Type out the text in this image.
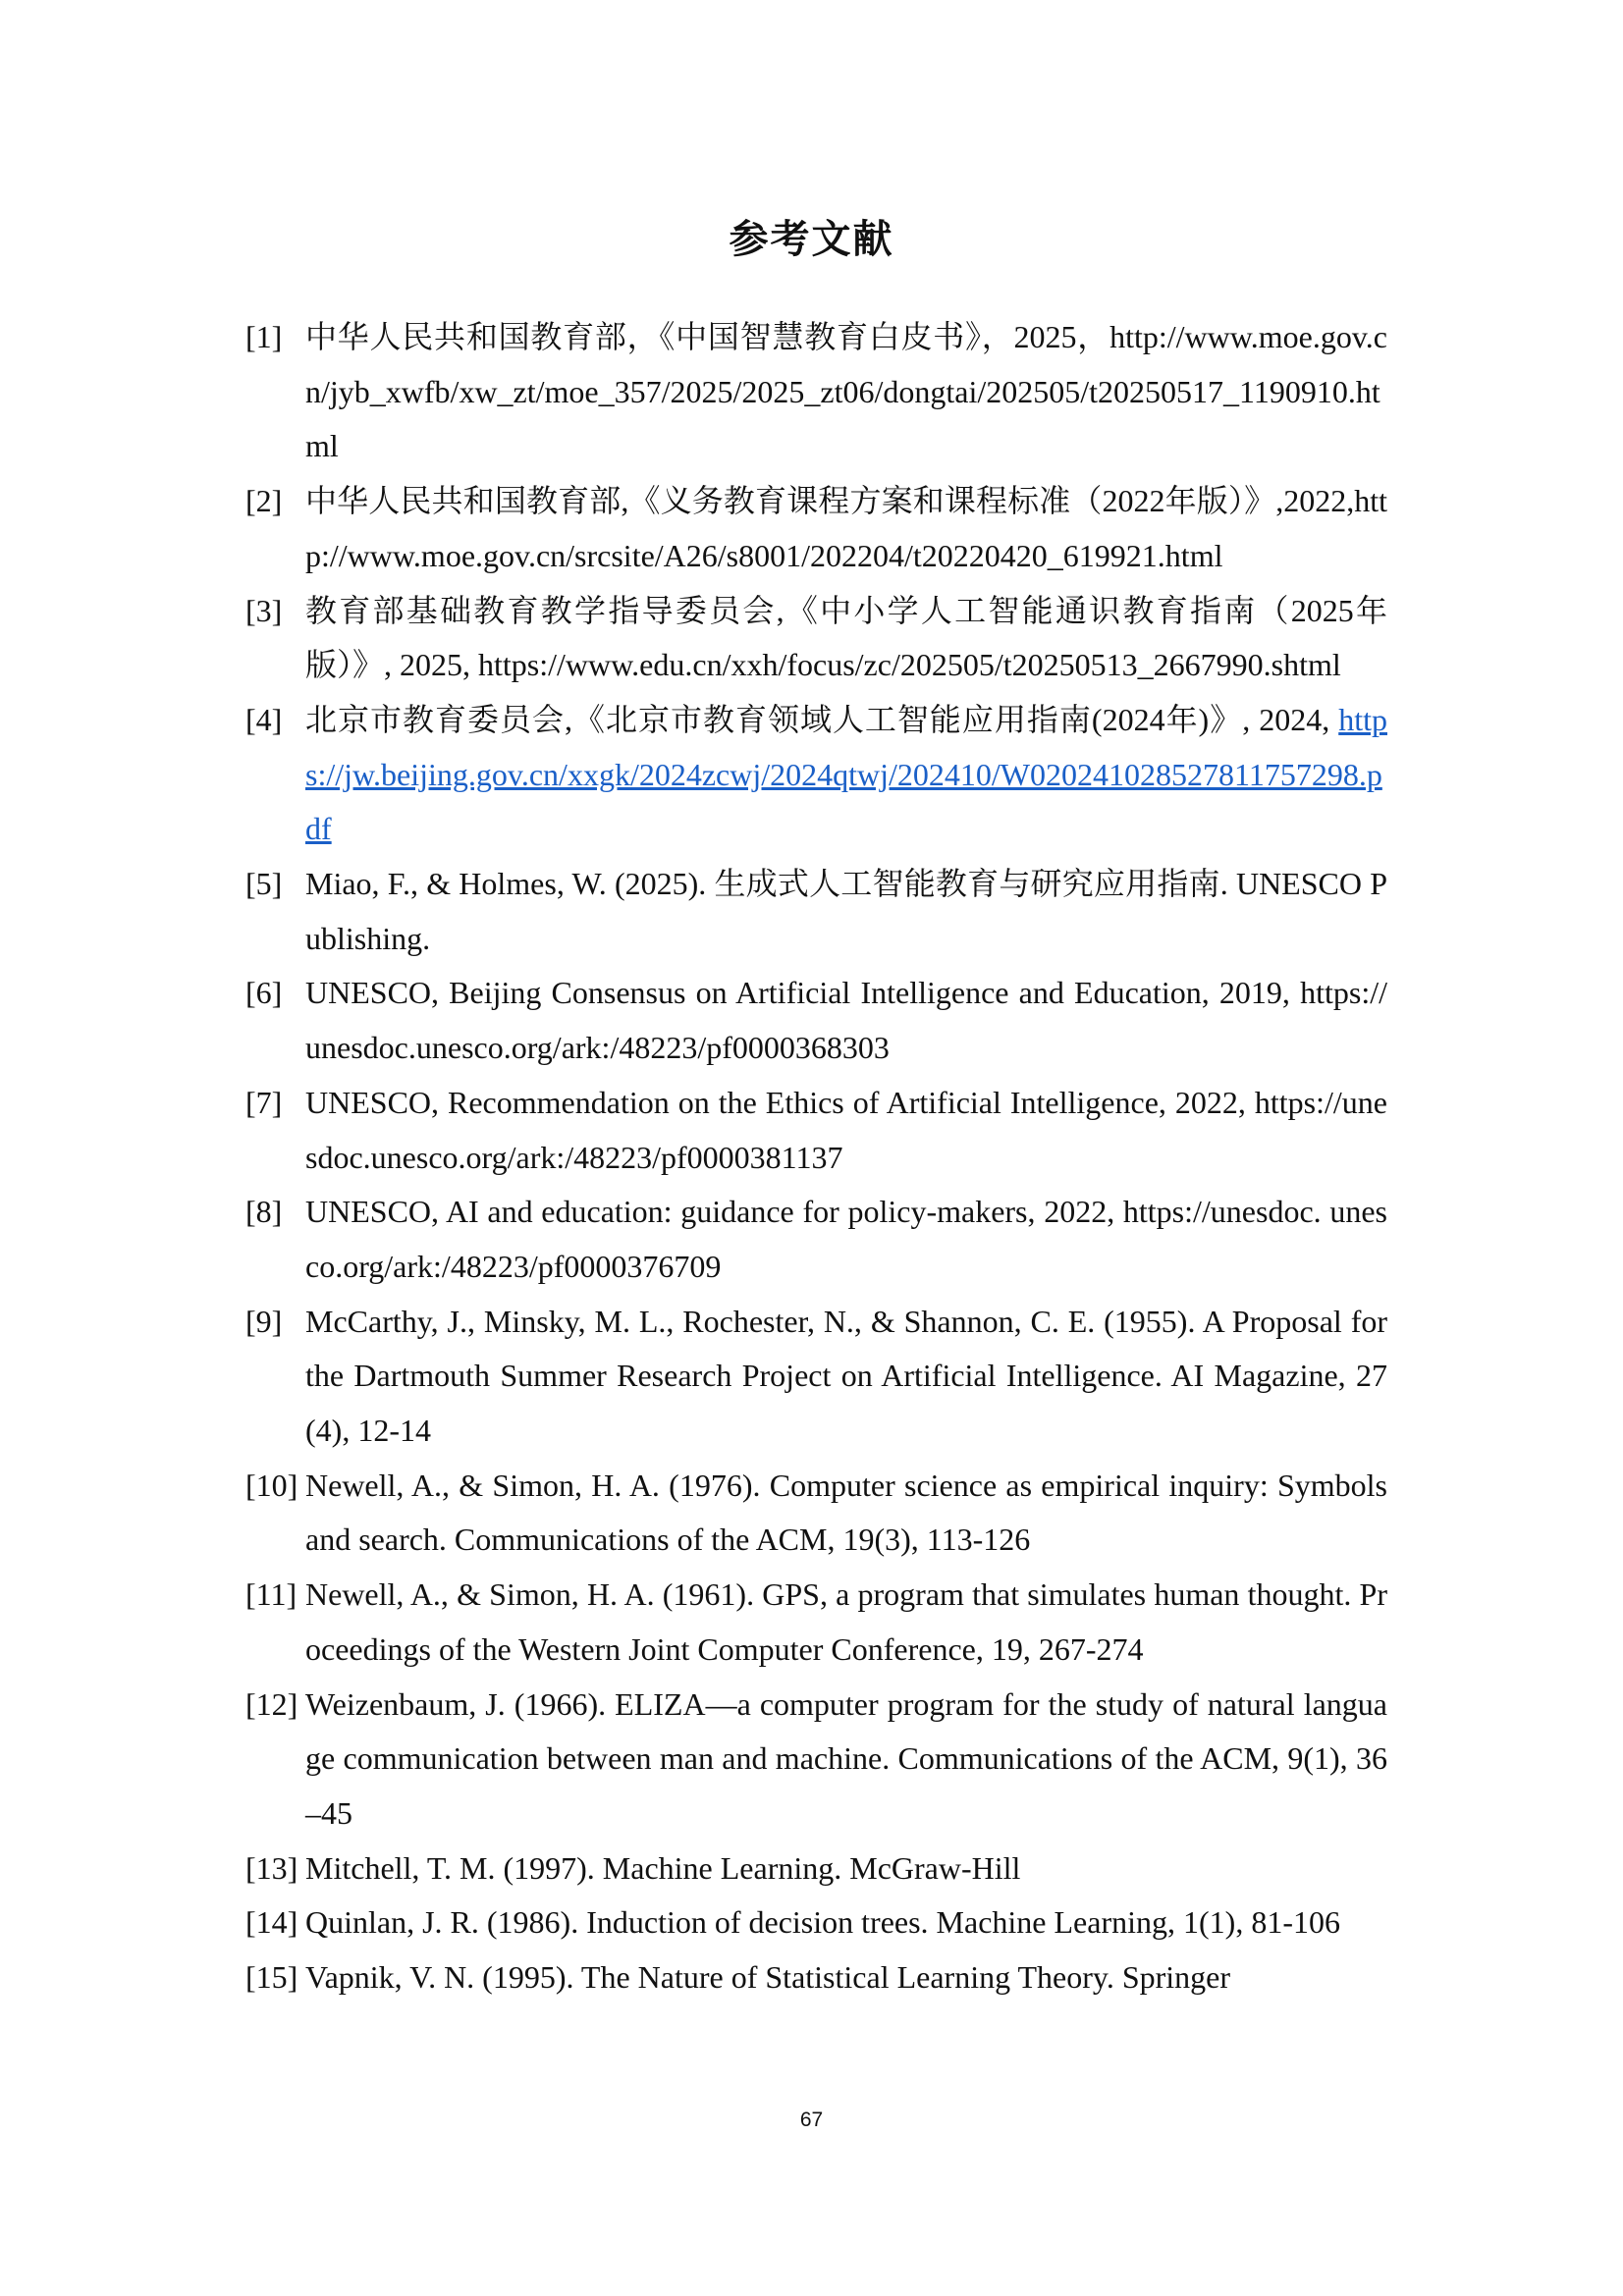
参考文献
[1] 中华人民共和国教育部，《中国智慧教育白皮书》，2025，http://www.moe.gov.cn/jyb_xwfb/xw_zt/moe_357/2025/2025_zt06/dongtai/202505/t20250517_1190910.html
[2] 中华人民共和国教育部,《义务教育课程方案和课程标准（2022年版）》,2022,http://www.moe.gov.cn/srcsite/A26/s8001/202204/t20220420_619921.html
[3] 教育部基础教育教学指导委员会,《中小学人工智能通识教育指南（2025年版）》, 2025, https://www.edu.cn/xxh/focus/zc/202505/t20250513_2667990.shtml
[4] 北京市教育委员会,《北京市教育领域人工智能应用指南(2024年)》, 2024, https://jw.beijing.gov.cn/xxgk/2024zcwj/2024qtwj/202410/W020241028527811757298.pdf
[5] Miao, F., & Holmes, W. (2025). 生成式人工智能教育与研究应用指南. UNESCO Publishing.
[6] UNESCO, Beijing Consensus on Artificial Intelligence and Education, 2019, https:// unesdoc.unesco.org/ark:/48223/pf0000368303
[7] UNESCO, Recommendation on the Ethics of Artificial Intelligence, 2022, https://unesdoc.unesco.org/ark:/48223/pf0000381137
[8] UNESCO, AI and education: guidance for policy-makers, 2022, https://unesdoc. unesco.org/ark:/48223/pf0000376709
[9] McCarthy, J., Minsky, M. L., Rochester, N., & Shannon, C. E. (1955). A Proposal for the Dartmouth Summer Research Project on Artificial Intelligence. AI Magazine, 27(4), 12-14
[10] Newell, A., & Simon, H. A. (1976). Computer science as empirical inquiry: Symbols and search. Communications of the ACM, 19(3), 113-126
[11] Newell, A., & Simon, H. A. (1961). GPS, a program that simulates human thought. Proceedings of the Western Joint Computer Conference, 19, 267-274
[12] Weizenbaum, J. (1966). ELIZA—a computer program for the study of natural language communication between man and machine. Communications of the ACM, 9(1), 36–45
[13] Mitchell, T. M. (1997). Machine Learning. McGraw-Hill
[14] Quinlan, J. R. (1986). Induction of decision trees. Machine Learning, 1(1), 81-106
[15] Vapnik, V. N. (1995). The Nature of Statistical Learning Theory. Springer
67
